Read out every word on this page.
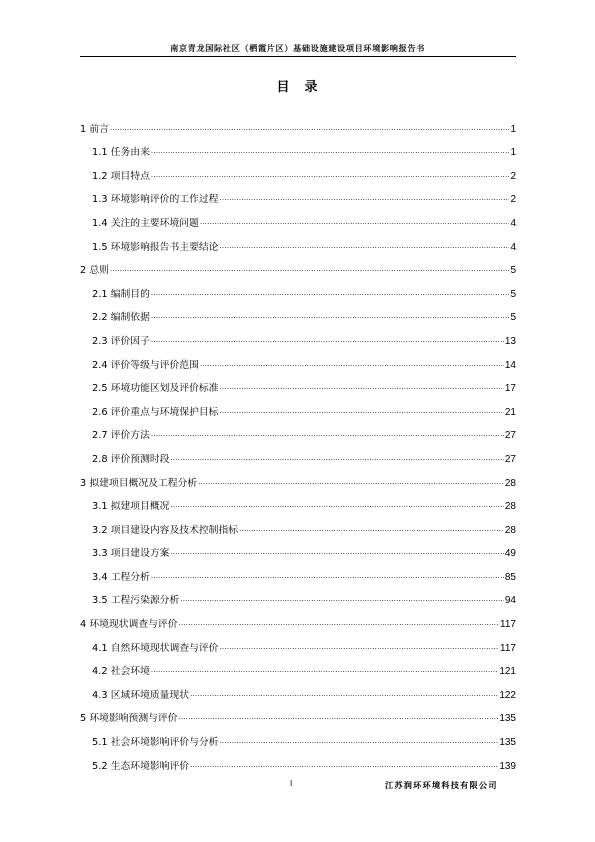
南京青龙国际社区（栖霞片区）基础设施建设项目环境影响报告书
目　录
1 前言 .....	1
1.1 任务由来 .....	1
1.2 项目特点 .....	2
1.3 环境影响评价的工作过程 .....	2
1.4 关注的主要环境问题 .....	4
1.5 环境影响报告书主要结论 .....	4
2 总则 .....	5
2.1 编制目的 .....	5
2.2 编制依据 .....	5
2.3 评价因子 .....	13
2.4 评价等级与评价范围 .....	14
2.5 环境功能区划及评价标准 .....	17
2.6 评价重点与环境保护目标 .....	21
2.7 评价方法 .....	27
2.8 评价预测时段 .....	27
3 拟建项目概况及工程分析 .....	28
3.1 拟建项目概况 .....	28
3.2 项目建设内容及技术控制指标 .....	28
3.3 项目建设方案 .....	49
3.4 工程分析 .....	85
3.5 工程污染源分析 .....	94
4 环境现状调查与评价 .....	117
4.1 自然环境现状调查与评价 .....	117
4.2 社会环境 .....	121
4.3 区域环境质量现状 .....	122
5 环境影响预测与评价 .....	135
5.1 社会环境影响评价与分析 .....	135
5.2 生态环境影响评价 .....	139
I	江苏润环环境科技有限公司
